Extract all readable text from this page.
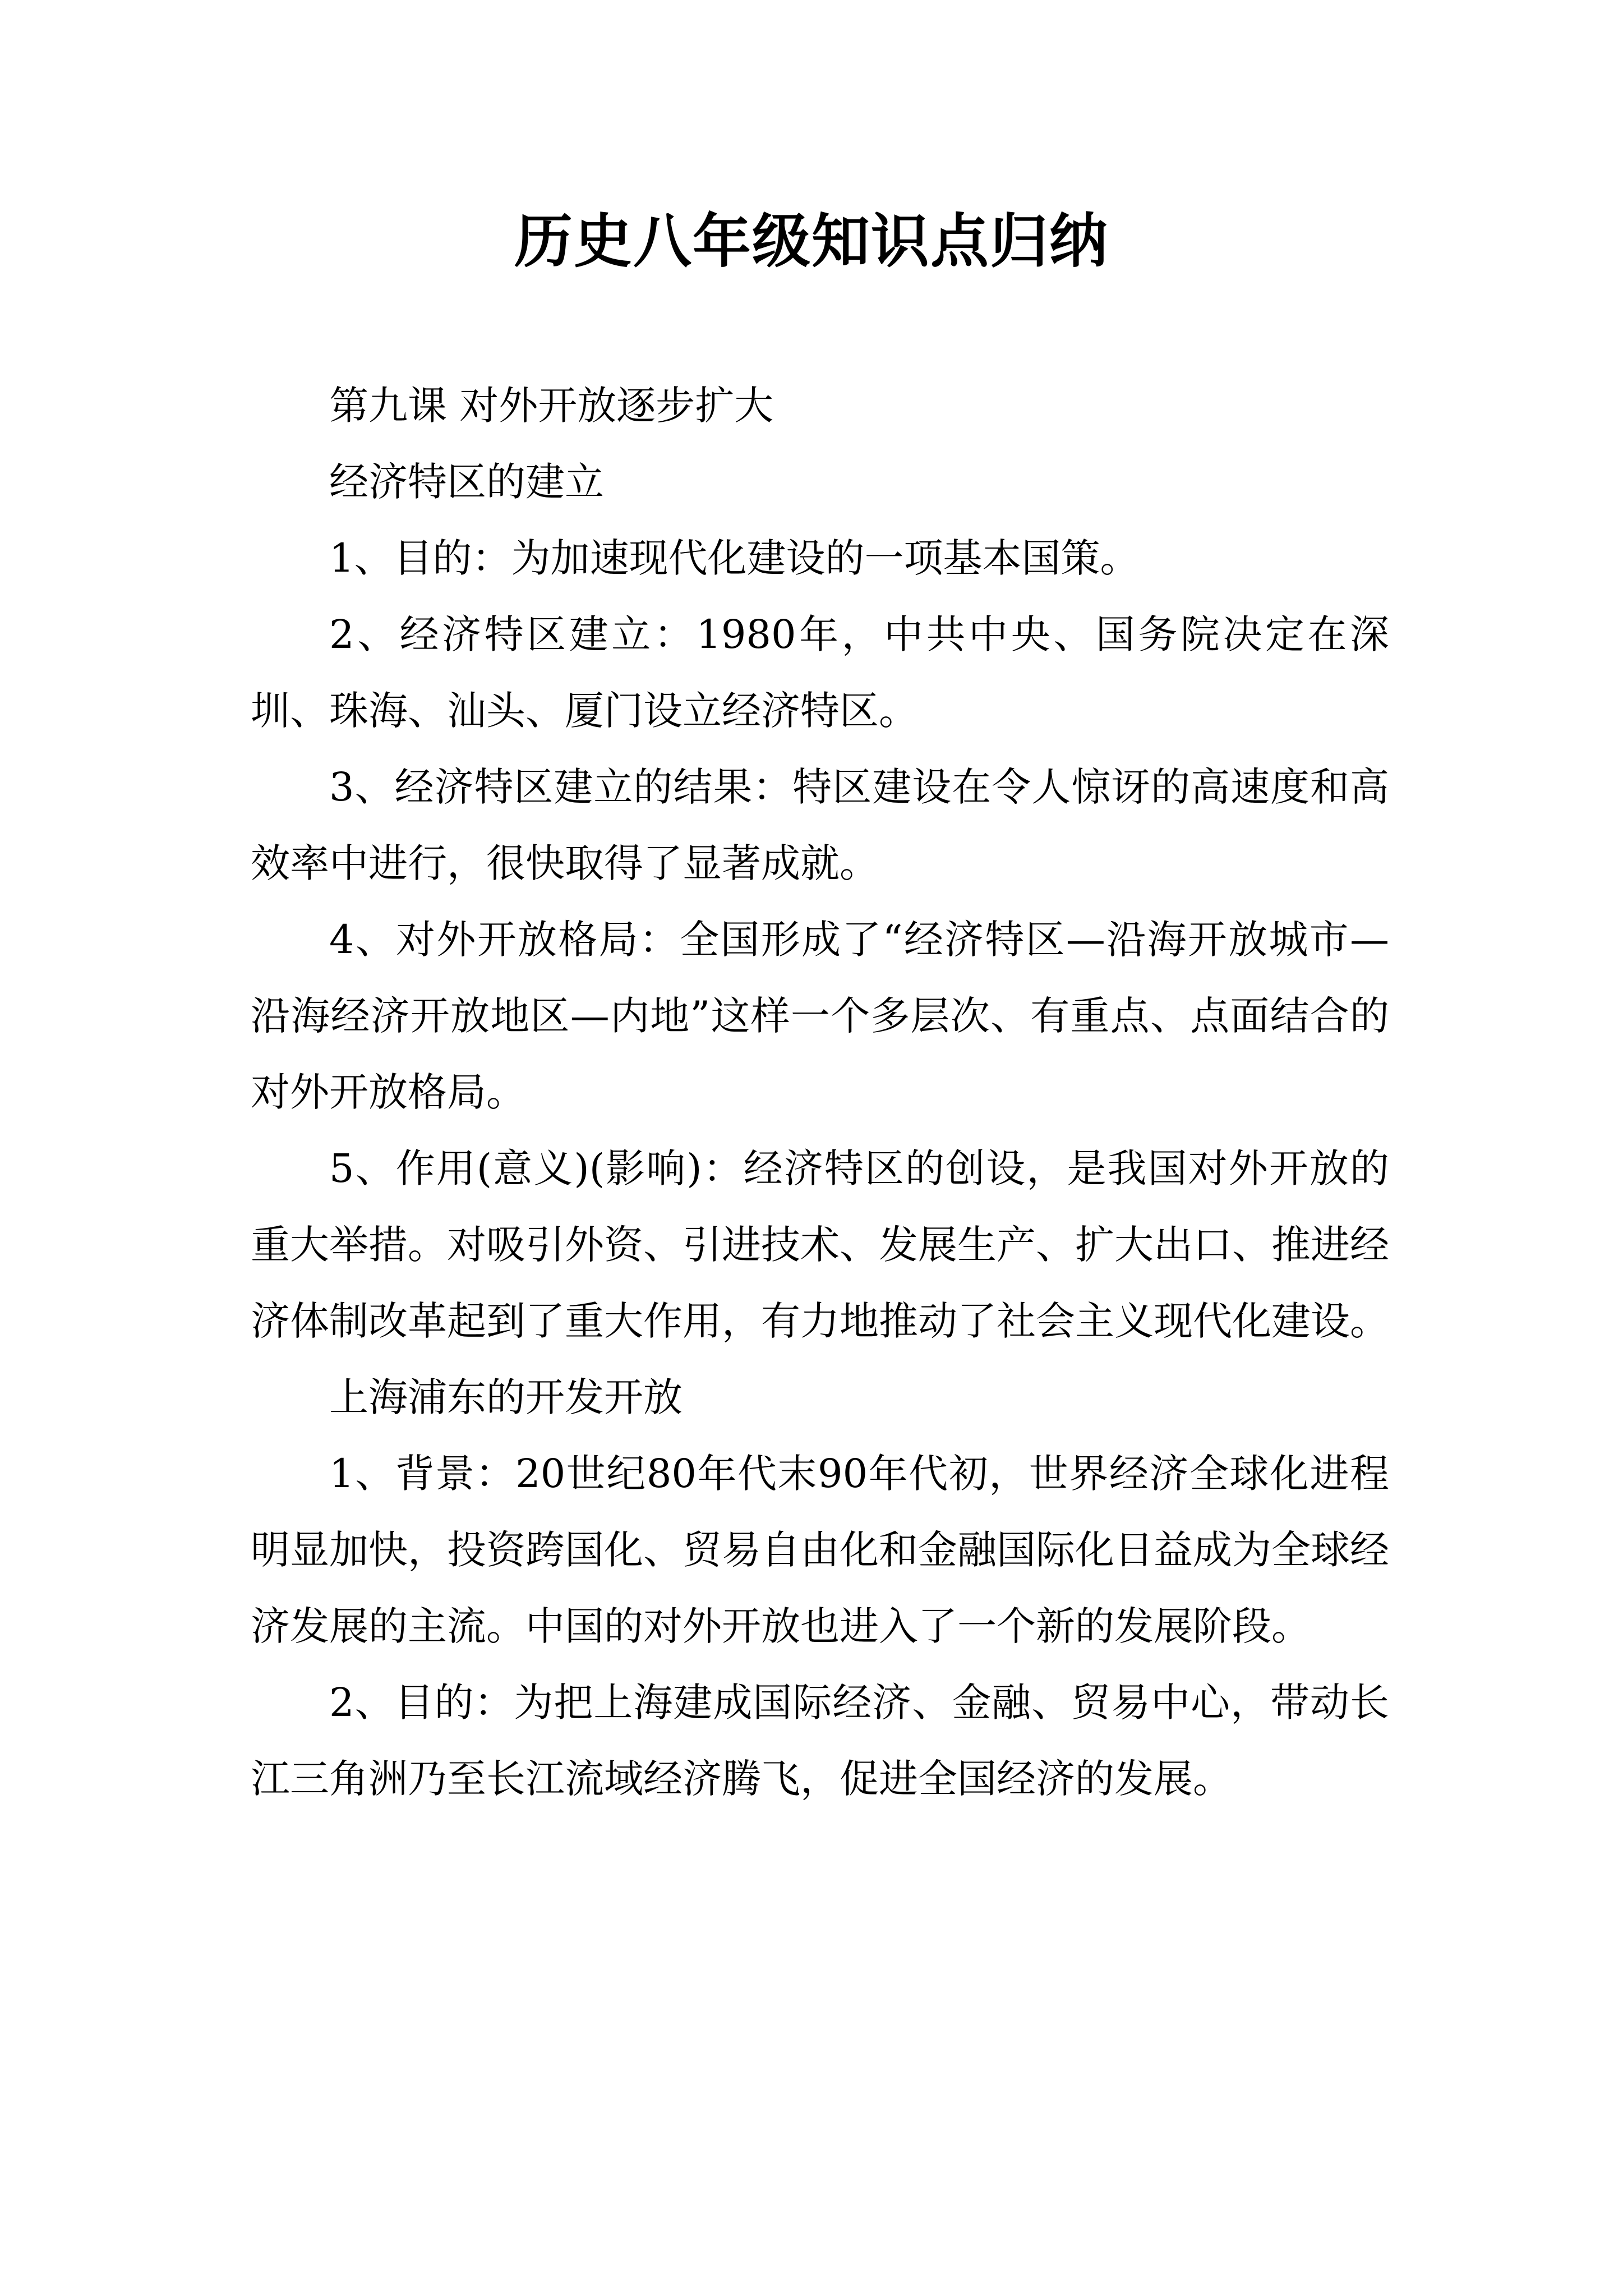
历史八年级知识点归纳

第九课 对外开放逐步扩大

经济特区的建立

1、目的：为加速现代化建设的一项基本国策。

2、经济特区建立：1980年，中共中央、国务院决定在深圳、珠海、汕头、厦门设立经济特区。

3、经济特区建立的结果：特区建设在令人惊讶的高速度和高效率中进行，很快取得了显著成就。

4、对外开放格局：全国形成了“经济特区—沿海开放城市—沿海经济开放地区—内地”这样一个多层次、有重点、点面结合的对外开放格局。

5、作用(意义)(影响)：经济特区的创设，是我国对外开放的重大举措。对吸引外资、引进技术、发展生产、扩大出口、推进经济体制改革起到了重大作用，有力地推动了社会主义现代化建设。

上海浦东的开发开放

1、背景：20世纪80年代末90年代初，世界经济全球化进程明显加快，投资跨国化、贸易自由化和金融国际化日益成为全球经济发展的主流。中国的对外开放也进入了一个新的发展阶段。

2、目的：为把上海建成国际经济、金融、贸易中心，带动长江三角洲乃至长江流域经济腾飞，促进全国经济的发展。
